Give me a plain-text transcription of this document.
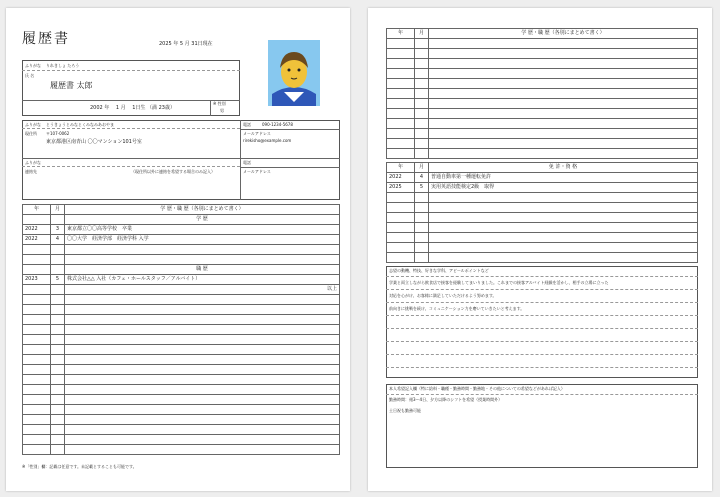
履歴書	2025 年 5 月 31日現在
ふりがな りれきしょ たろう
氏 名
履歴書 太郎
2002 年 　1 月 　1日生 （満 23歳）
※ 性別
男
ふりがな とうきょうとみなとくみなみあおやま
現住所 〒107-0062
東京都港区南青山 〇〇マンション101号室
電話	090-1234-5678
メールアドレス
rirekisho@example.com
ふりがな
連絡先	（現住所以外に連絡を希望する場合のみ記入）
電話
メールアドレス
年	月	学 歴・職 歴（各別にまとめて書く）
		学 歴
2022	3	東京都立〇〇高等学校　卒業
2022	4	〇〇大学　経済学部　経済学科 入学

		職 歴
2023	5	株式会社△△ 入社（カフェ・ホールスタッフ／アルバイト）
		以上

※「性別」欄：記載は任意です。未記載とすることも可能です。
年	月	学 歴・職 歴（各別にまとめて書く）

年	月	免 許・資 格
2022	4	普通自動車第一種運転免許
2025	5	実用英語技能検定2級　取得

志望の動機、特技、好きな学科、アピールポイントなど
学業と両立しながら飲食店で接客を経験してまいりました。これまでの接客アルバイト経験を活かし、相手の立場に立った
対応を心がけ、お客様に満足していただけるよう努めます。
前向きに挑戦を続け、コミュニケーション力を磨いていきたいと考えます。
本人希望記入欄（特に給料・職種・勤務時間・勤務地・その他についての希望などがあれば記入）
勤務時間：週3〜4日、夕方以降のシフトを希望（授業時間外）
土日祝も勤務可能
